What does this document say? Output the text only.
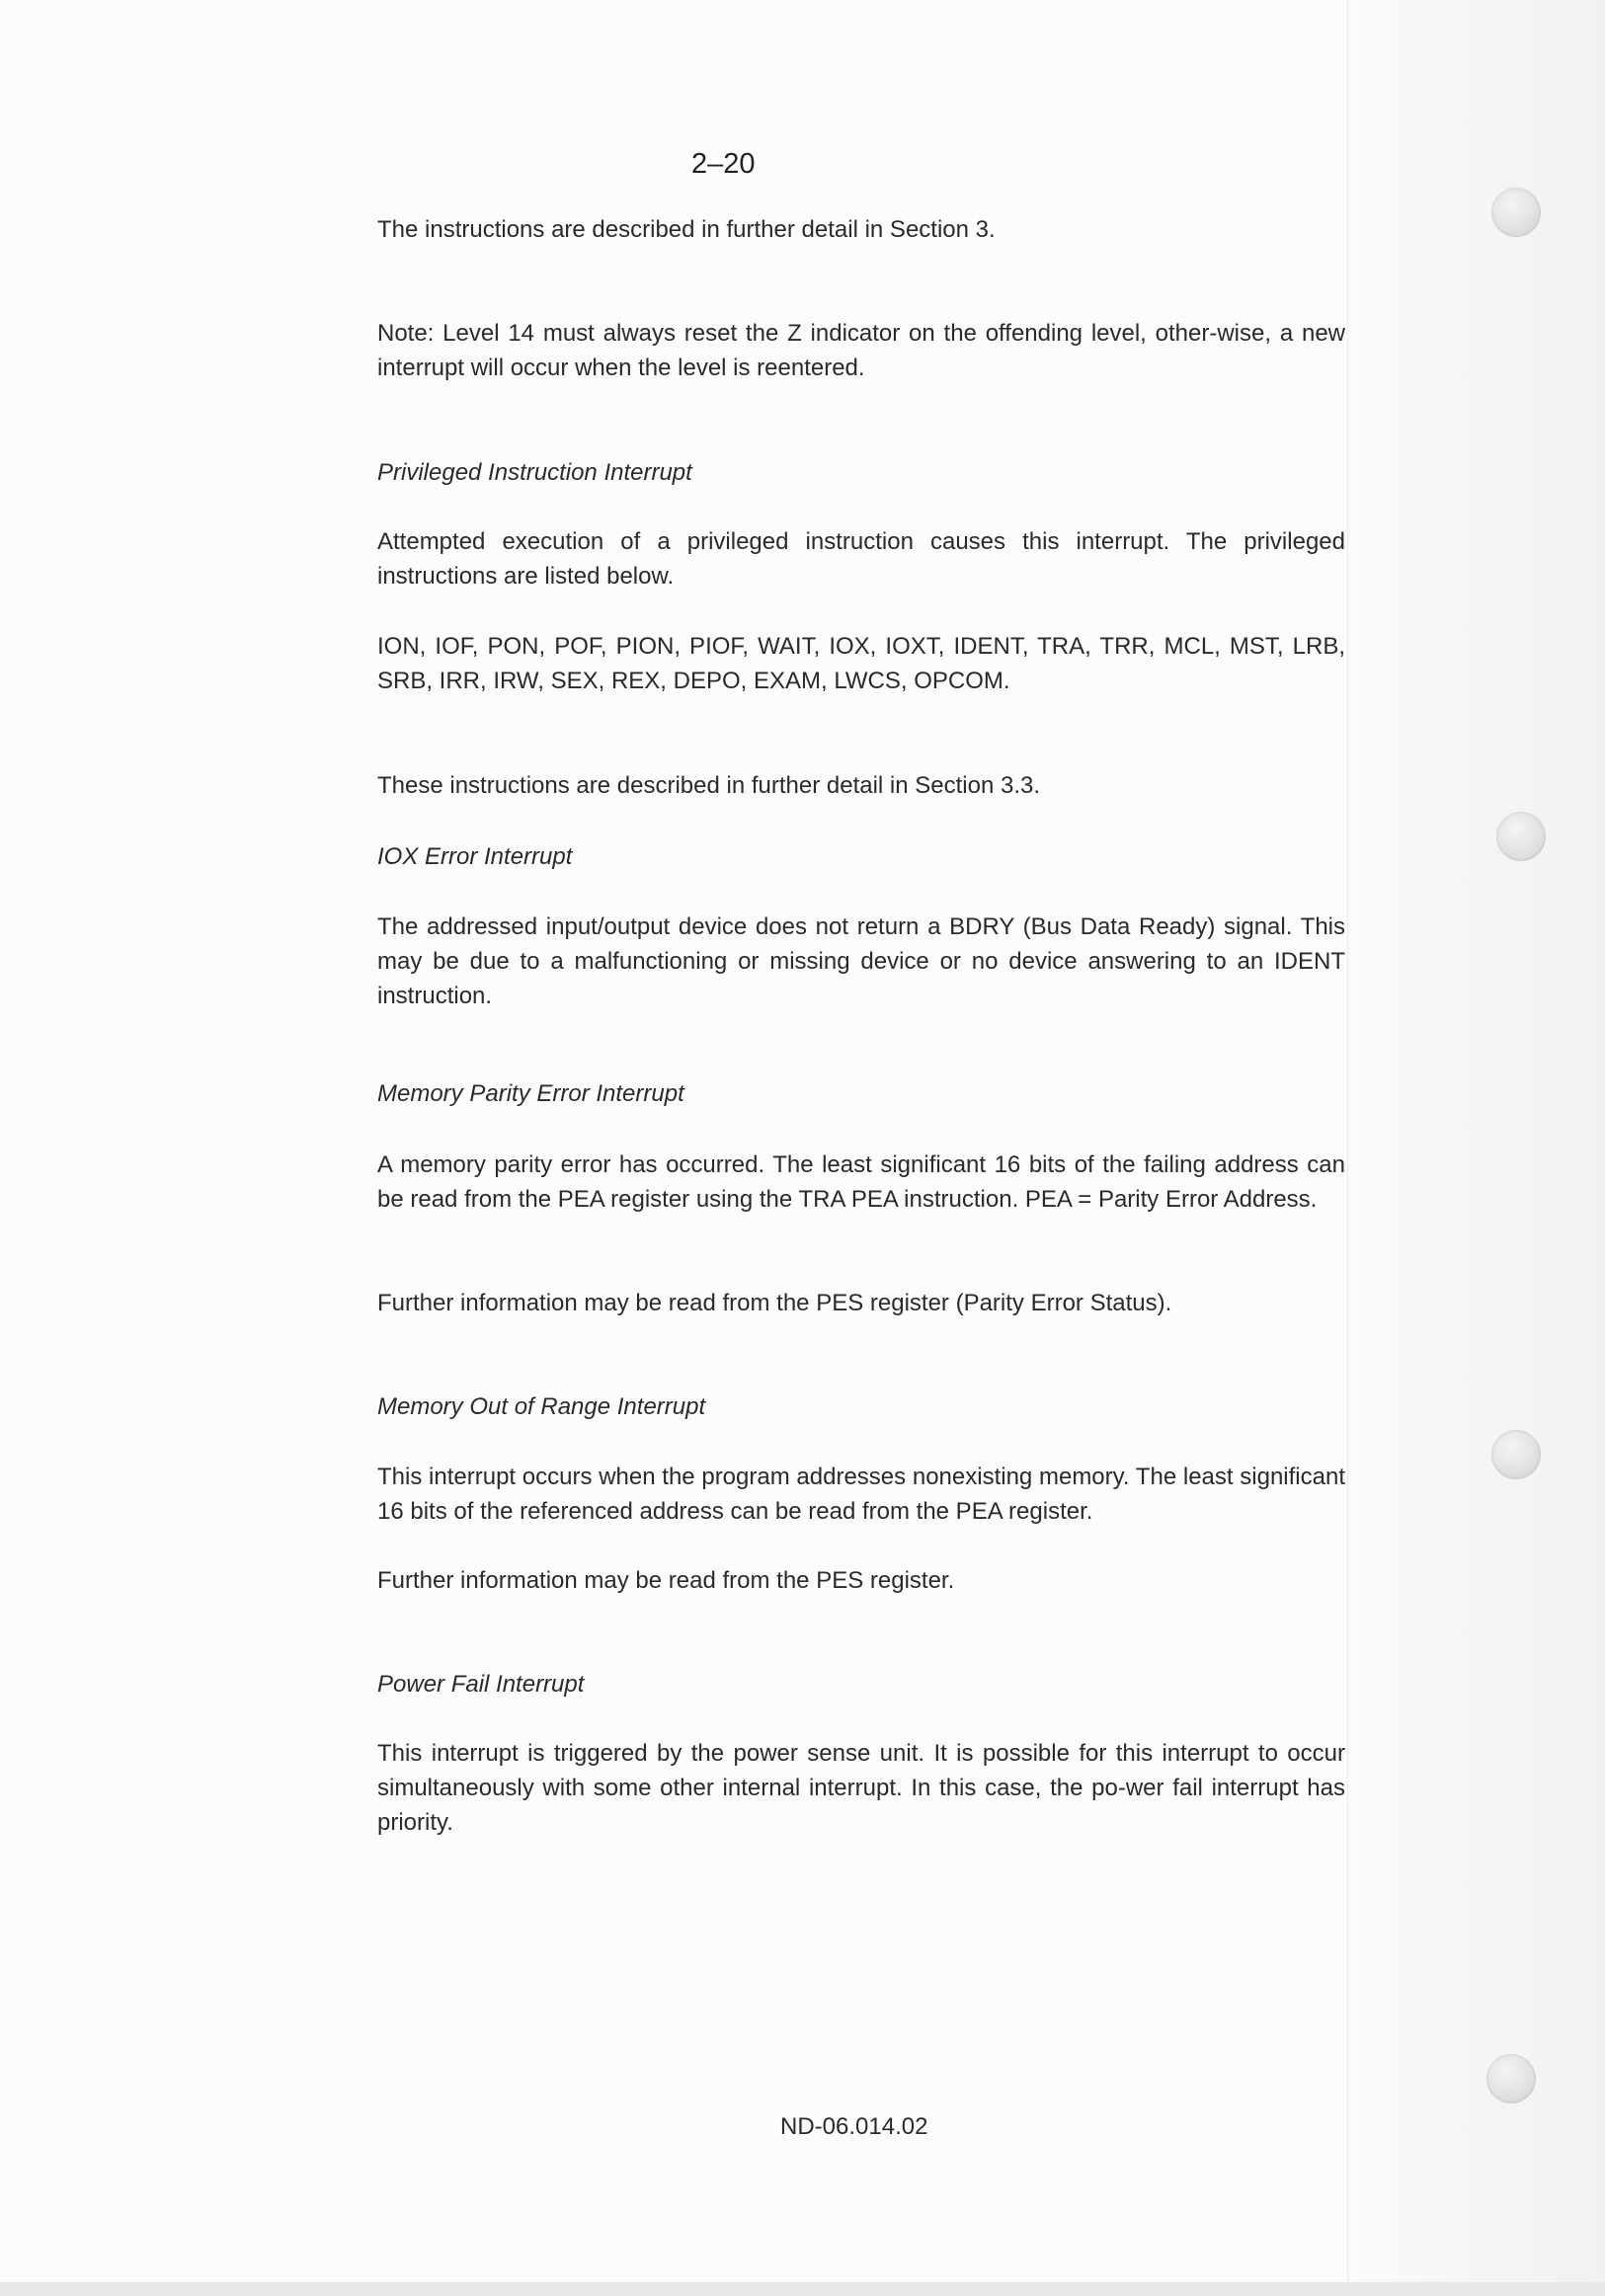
2–20

The instructions are described in further detail in Section 3.

Note: Level 14 must always reset the Z indicator on the offending level, other-wise, a new interrupt will occur when the level is reentered.

Privileged Instruction Interrupt

Attempted execution of a privileged instruction causes this interrupt. The privileged instructions are listed below.

ION, IOF, PON, POF, PION, PIOF, WAIT, IOX, IOXT, IDENT, TRA, TRR, MCL, MST, LRB, SRB, IRR, IRW, SEX, REX, DEPO, EXAM, LWCS, OPCOM.

These instructions are described in further detail in Section 3.3.

IOX Error Interrupt

The addressed input/output device does not return a BDRY (Bus Data Ready) signal. This may be due to a malfunctioning or missing device or no device answering to an IDENT instruction.

Memory Parity Error Interrupt

A memory parity error has occurred. The least significant 16 bits of the failing address can be read from the PEA register using the TRA PEA instruction. PEA = Parity Error Address.

Further information may be read from the PES register (Parity Error Status).

Memory Out of Range Interrupt

This interrupt occurs when the program addresses nonexisting memory. The least significant 16 bits of the referenced address can be read from the PEA register.

Further information may be read from the PES register.

Power Fail Interrupt

This interrupt is triggered by the power sense unit. It is possible for this interrupt to occur simultaneously with some other internal interrupt. In this case, the po-wer fail interrupt has priority.

ND-06.014.02
